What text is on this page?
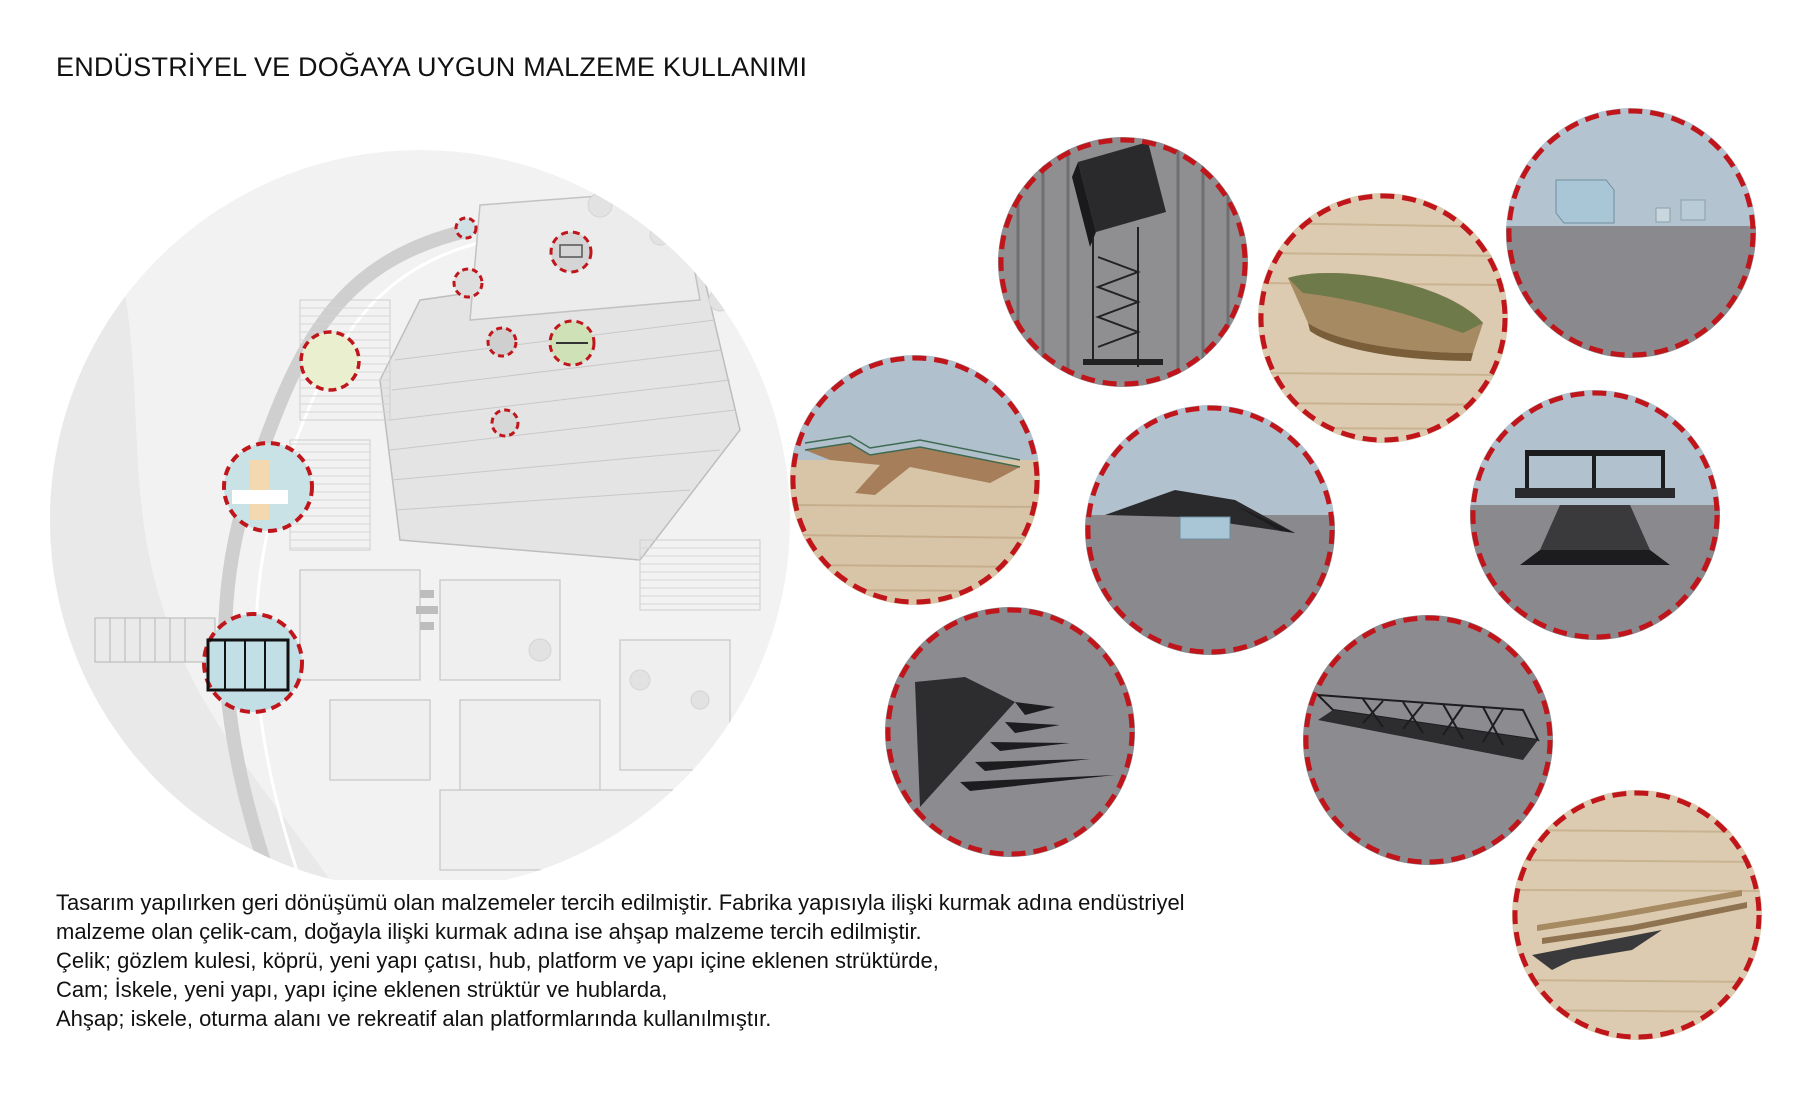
ENDÜSTRİYEL VE DOĞAYA UYGUN MALZEME KULLANIMI

Tasarım yapılırken geri dönüşümü olan malzemeler tercih edilmiştir. Fabrika yapısıyla ilişki kurmak adına endüstriyel

malzeme olan çelik-cam, doğayla ilişki kurmak adına ise ahşap malzeme tercih edilmiştir.

Çelik; gözlem kulesi, köprü, yeni yapı çatısı, hub, platform ve yapı içine eklenen strüktürde,

Cam; İskele, yeni yapı, yapı içine eklenen strüktür ve hublarda,

Ahşap; iskele, oturma alanı ve rekreatif alan platformlarında kullanılmıştır.
